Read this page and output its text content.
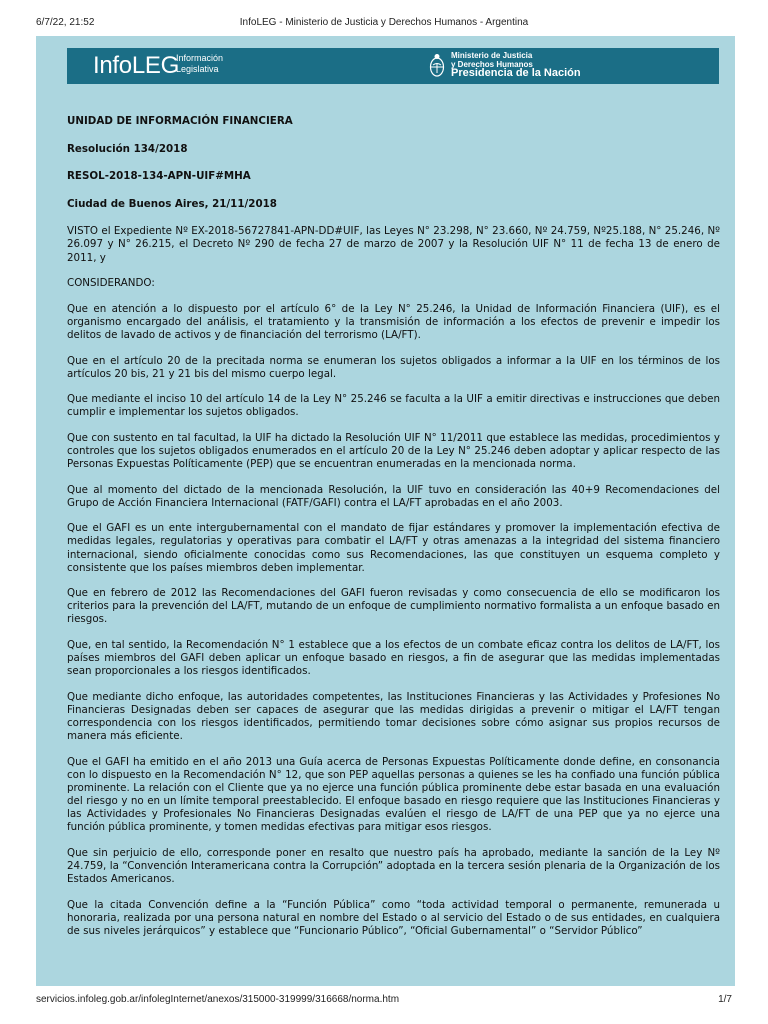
6/7/22, 21:52	InfoLEG - Ministerio de Justicia y Derechos Humanos - Argentina
InfoLEG
Información
Legislativa
Ministerio de Justicia
y Derechos Humanos
Presidencia de la Nación

UNIDAD DE INFORMACIÓN FINANCIERA

Resolución 134/2018

RESOL-2018-134-APN-UIF#MHA

Ciudad de Buenos Aires, 21/11/2018

VISTO el Expediente Nº EX-2018-56727841-APN-DD#UIF, las Leyes N° 23.298, N° 23.660, Nº 24.759, Nº25.188, N° 25.246, Nº 26.097 y N° 26.215, el Decreto Nº 290 de fecha 27 de marzo de 2007 y la Resolución UIF N° 11 de fecha 13 de enero de 2011, y

CONSIDERANDO:

Que en atención a lo dispuesto por el artículo 6° de la Ley N° 25.246, la Unidad de Información Financiera (UIF), es el organismo encargado del análisis, el tratamiento y la transmisión de información a los efectos de prevenir e impedir los delitos de lavado de activos y de financiación del terrorismo (LA/FT).

Que en el artículo 20 de la precitada norma se enumeran los sujetos obligados a informar a la UIF en los términos de los artículos 20 bis, 21 y 21 bis del mismo cuerpo legal.

Que mediante el inciso 10 del artículo 14 de la Ley N° 25.246 se faculta a la UIF a emitir directivas e instrucciones que deben cumplir e implementar los sujetos obligados.

Que con sustento en tal facultad, la UIF ha dictado la Resolución UIF N° 11/2011 que establece las medidas, procedimientos y controles que los sujetos obligados enumerados en el artículo 20 de la Ley N° 25.246 deben adoptar y aplicar respecto de las Personas Expuestas Políticamente (PEP) que se encuentran enumeradas en la mencionada norma.

Que al momento del dictado de la mencionada Resolución, la UIF tuvo en consideración las 40+9 Recomendaciones del Grupo de Acción Financiera Internacional (FATF/GAFI) contra el LA/FT aprobadas en el año 2003.

Que el GAFI es un ente intergubernamental con el mandato de fijar estándares y promover la implementación efectiva de medidas legales, regulatorias y operativas para combatir el LA/FT y otras amenazas a la integridad del sistema financiero internacional, siendo oficialmente conocidas como sus Recomendaciones, las que constituyen un esquema completo y consistente que los países miembros deben implementar.

Que en febrero de 2012 las Recomendaciones del GAFI fueron revisadas y como consecuencia de ello se modificaron los criterios para la prevención del LA/FT, mutando de un enfoque de cumplimiento normativo formalista a un enfoque basado en riesgos.

Que, en tal sentido, la Recomendación N° 1 establece que a los efectos de un combate eficaz contra los delitos de LA/FT, los países miembros del GAFI deben aplicar un enfoque basado en riesgos, a fin de asegurar que las medidas implementadas sean proporcionales a los riesgos identificados.

Que mediante dicho enfoque, las autoridades competentes, las Instituciones Financieras y las Actividades y Profesiones No Financieras Designadas deben ser capaces de asegurar que las medidas dirigidas a prevenir o mitigar el LA/FT tengan correspondencia con los riesgos identificados, permitiendo tomar decisiones sobre cómo asignar sus propios recursos de manera más eficiente.

Que el GAFI ha emitido en el año 2013 una Guía acerca de Personas Expuestas Políticamente donde define, en consonancia con lo dispuesto en la Recomendación N° 12, que son PEP aquellas personas a quienes se les ha confiado una función pública prominente. La relación con el Cliente que ya no ejerce una función pública prominente debe estar basada en una evaluación del riesgo y no en un límite temporal preestablecido. El enfoque basado en riesgo requiere que las Instituciones Financieras y las Actividades y Profesionales No Financieras Designadas evalúen el riesgo de LA/FT de una PEP que ya no ejerce una función pública prominente, y tomen medidas efectivas para mitigar esos riesgos.

Que sin perjuicio de ello, corresponde poner en resalto que nuestro país ha aprobado, mediante la sanción de la Ley Nº 24.759, la “Convención Interamericana contra la Corrupción” adoptada en la tercera sesión plenaria de la Organización de los Estados Americanos.

Que la citada Convención define a la “Función Pública” como “toda actividad temporal o permanente, remunerada u honoraria, realizada por una persona natural en nombre del Estado o al servicio del Estado o de sus entidades, en cualquiera de sus niveles jerárquicos” y establece que “Funcionario Público”, “Oficial Gubernamental” o “Servidor Público”

servicios.infoleg.gob.ar/infolegInternet/anexos/315000-319999/316668/norma.htm	1/7
